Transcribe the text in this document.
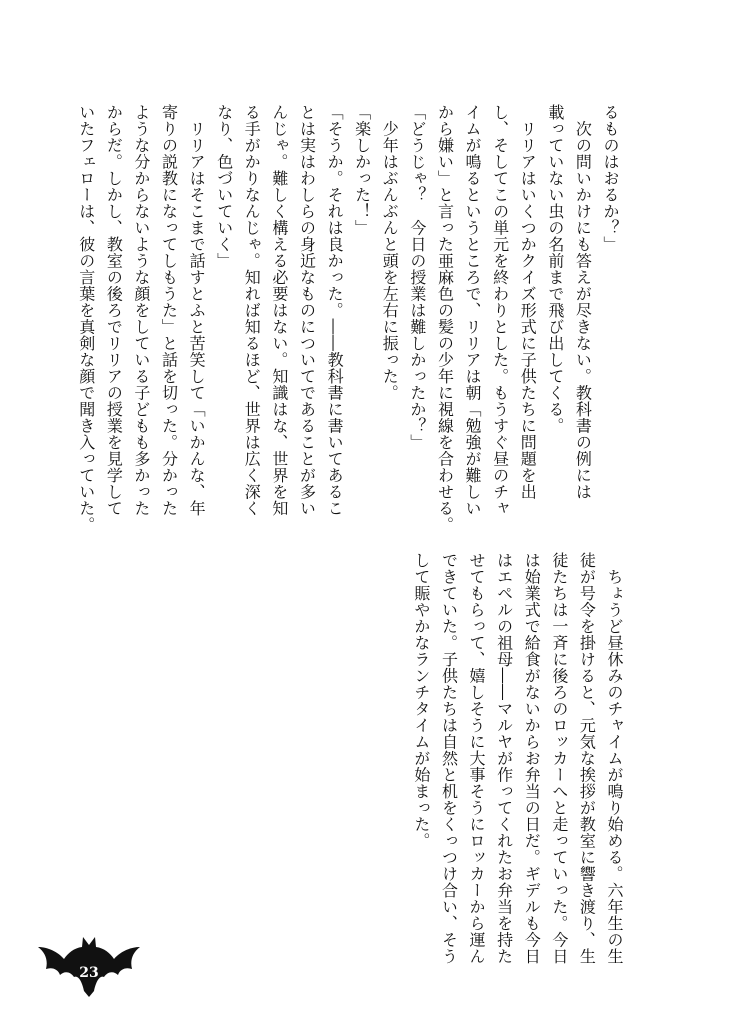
るものはおるか？」
　次の問いかけにも答えが尽きない。教科書の例には
載っていない虫の名前まで飛び出してくる。
　リリアはいくつかクイズ形式に子供たちに問題を出
し、そしてこの単元を終わりとした。もうすぐ昼のチャ
イムが鳴るというところで、リリアは朝「勉強が難しい
から嫌い」と言った亜麻色の髪の少年に視線を合わせる。
「どうじゃ？　今日の授業は難しかったか？」
　少年はぶんぶんと頭を左右に振った。
「楽しかった！」
「そうか。それは良かった。――教科書に書いてあるこ
とは実はわしらの身近なものについてであることが多い
んじゃ。難しく構える必要はない。知識はな、世界を知
る手がかりなんじゃ。知れば知るほど、世界は広く深く
なり、色づいていく」
　リリアはそこまで話すとふと苦笑して「いかんな、年
寄りの説教になってしもうた」と話を切った。分かった
ような分からないような顔をしている子どもも多かった
からだ。しかし、教室の後ろでリリアの授業を見学して
いたフェローは、彼の言葉を真剣な顔で聞き入っていた。
　ちょうど昼休みのチャイムが鳴り始める。六年生の生
徒が号令を掛けると、元気な挨拶が教室に響き渡り、生
徒たちは一斉に後ろのロッカーへと走っていった。今日
は始業式で給食がないからお弁当の日だ。ギデルも今日
はエペルの祖母――マルヤが作ってくれたお弁当を持た
せてもらって、嬉しそうに大事そうにロッカーから運ん
できていた。子供たちは自然と机をくっつけ合い、そう
して賑やかなランチタイムが始まった。
23
